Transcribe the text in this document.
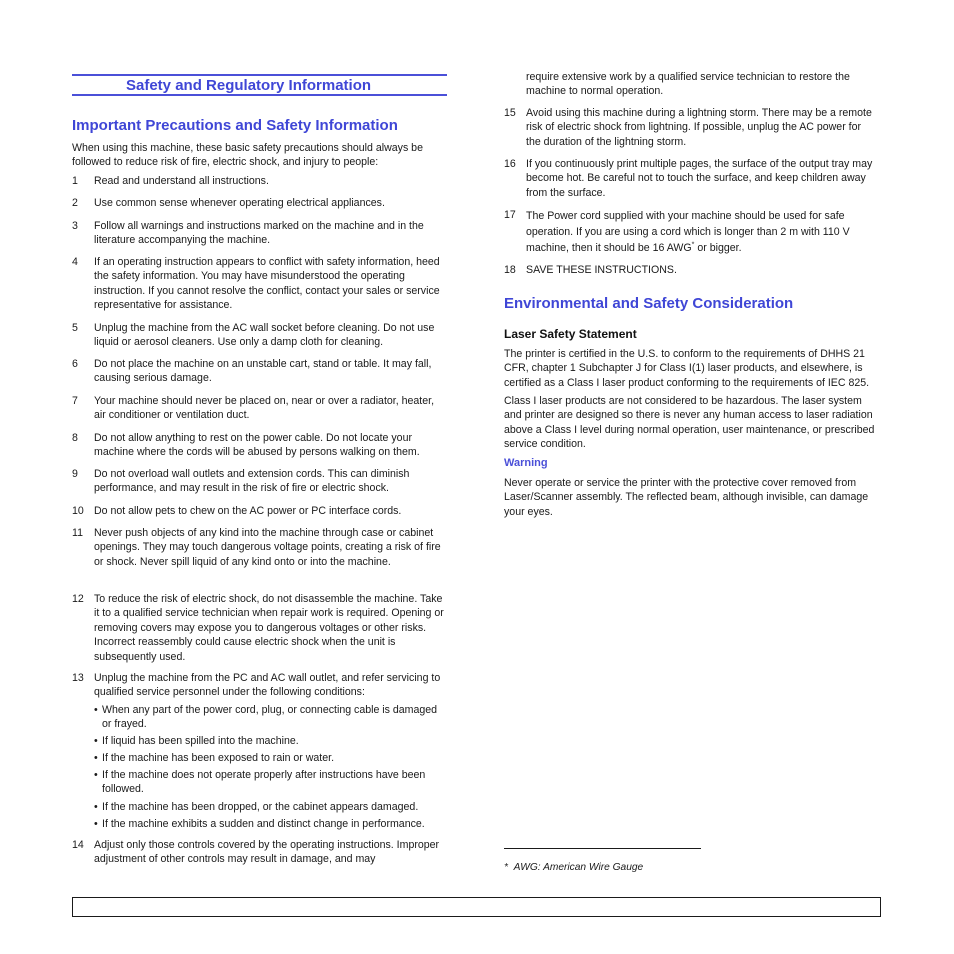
Safety and Regulatory Information
Important Precautions and Safety Information

When using this machine, these basic safety precautions should always be followed to reduce risk of fire, electric shock, and injury to people:

1	Read and understand all instructions.
2	Use common sense whenever operating electrical appliances.
3	Follow all warnings and instructions marked on the machine and in the literature accompanying the machine.
4	If an operating instruction appears to conflict with safety information, heed the safety information. You may have misunderstood the operating instruction. If you cannot resolve the conflict, contact your sales or service representative for assistance.
5	Unplug the machine from the AC wall socket before cleaning. Do not use liquid or aerosol cleaners. Use only a damp cloth for cleaning.
6	Do not place the machine on an unstable cart, stand or table. It may fall, causing serious damage.
7	Your machine should never be placed on, near or over a radiator, heater, air conditioner or ventilation duct.
8	Do not allow anything to rest on the power cable. Do not locate your machine where the cords will be abused by persons walking on them.
9	Do not overload wall outlets and extension cords. This can diminish performance, and may result in the risk of fire or electric shock.
10 Do not allow pets to chew on the AC power or PC interface cords.
11	Never push objects of any kind into the machine through case or cabinet openings. They may touch dangerous voltage points, creating a risk of fire or shock. Never spill liquid of any kind onto or into the machine.
12 To reduce the risk of electric shock, do not disassemble the machine. Take it to a qualified service technician when repair work is required. Opening or removing covers may expose you to dangerous voltages or other risks. Incorrect reassembly could cause electric shock when the unit is subsequently used.
13 Unplug the machine from the PC and AC wall outlet, and refer servicing to qualified service personnel under the following conditions:
• When any part of the power cord, plug, or connecting cable is damaged or frayed.
• If liquid has been spilled into the machine.
• If the machine has been exposed to rain or water.
• If the machine does not operate properly after instructions have been followed.
• If the machine has been dropped, or the cabinet appears damaged.
• If the machine exhibits a sudden and distinct change in performance.
14 Adjust only those controls covered by the operating instructions. Improper adjustment of other controls may result in damage, and may

require extensive work by a qualified service technician to restore the machine to normal operation.

15 Avoid using this machine during a lightning storm. There may be a remote risk of electric shock from lightning. If possible, unplug the AC power for the duration of the lightning storm.
16 If you continuously print multiple pages, the surface of the output tray may become hot. Be careful not to touch the surface, and keep children away from the surface.
17 The Power cord supplied with your machine should be used for safe operation. If you are using a cord which is longer than 2 m with 110 V machine, then it should be 16 AWG* or bigger.
18 SAVE THESE INSTRUCTIONS.
Environmental and Safety Consideration
Laser Safety Statement

The printer is certified in the U.S. to conform to the requirements of DHHS 21 CFR, chapter 1 Subchapter J for Class I(1) laser products, and elsewhere, is certified as a Class I laser product conforming to the requirements of IEC 825.

Class I laser products are not considered to be hazardous. The laser system and printer are designed so there is never any human access to laser radiation above a Class I level during normal operation, user maintenance, or prescribed service condition.

Warning

Never operate or service the printer with the protective cover removed from Laser/Scanner assembly. The reflected beam, although invisible, can damage your eyes.

* AWG: American Wire Gauge
